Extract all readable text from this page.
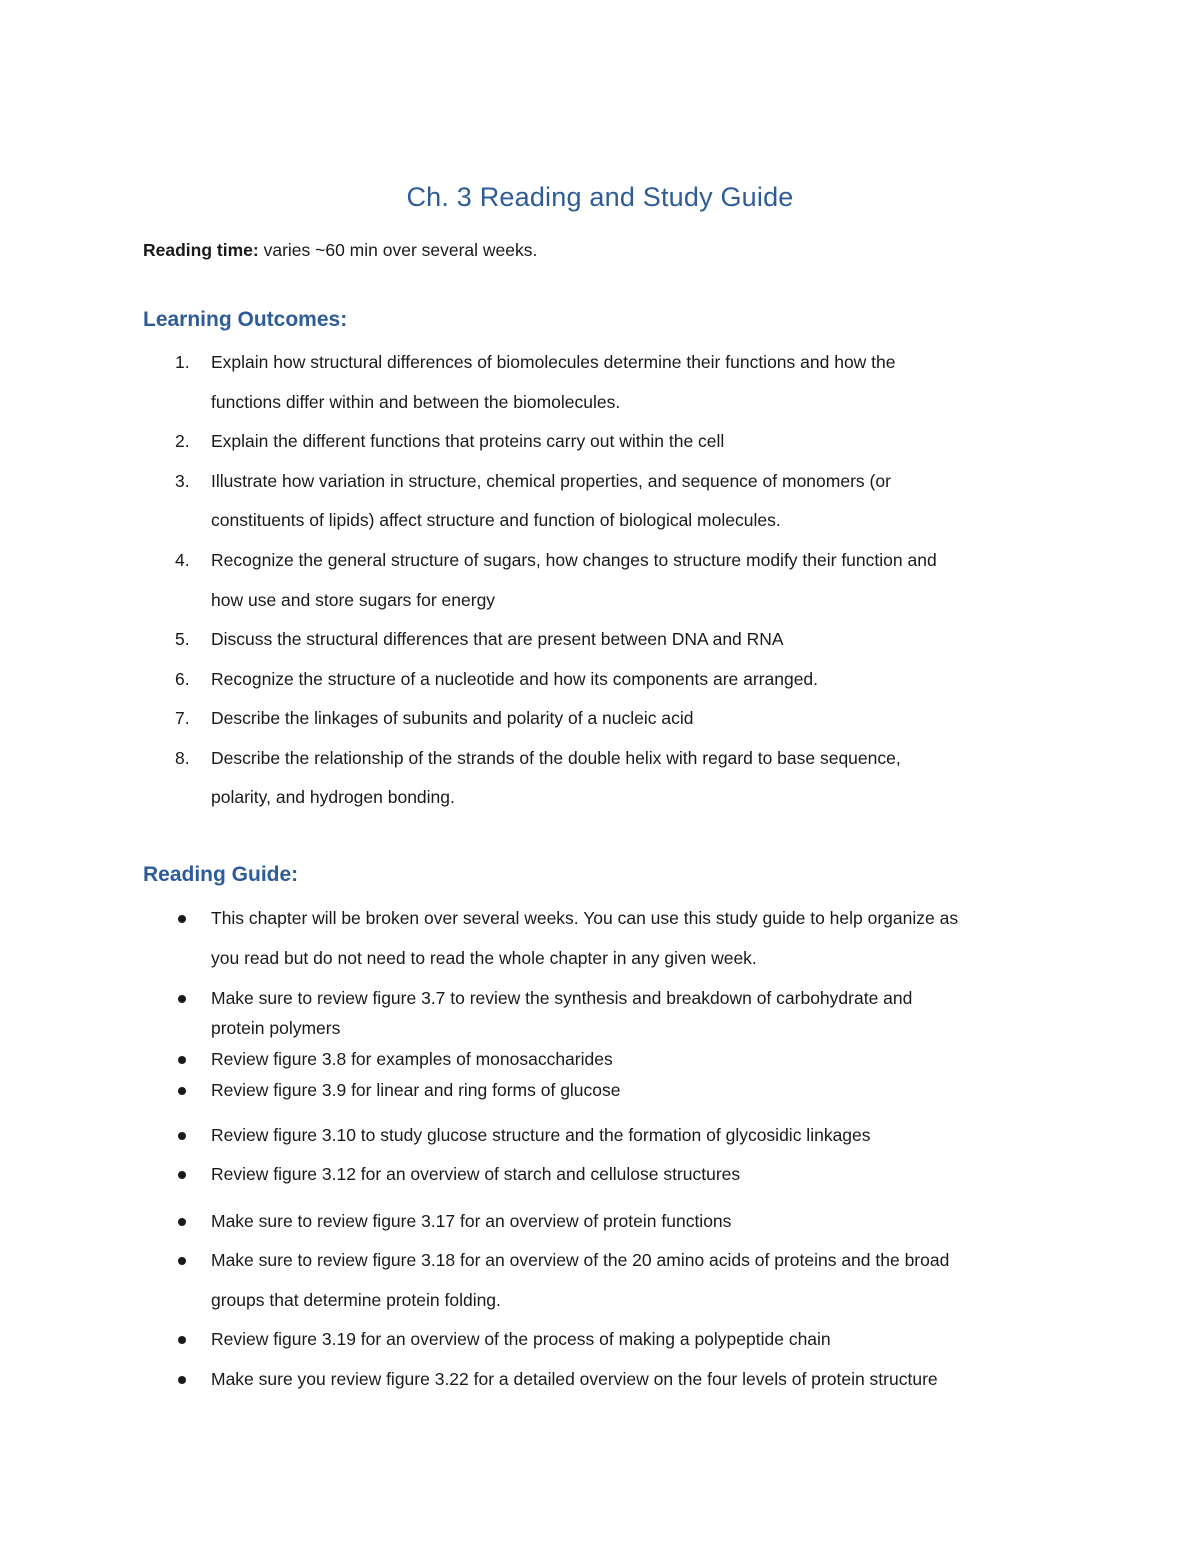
Ch. 3 Reading and Study Guide

Reading time: varies ~60 min over several weeks.

Learning Outcomes:
1. Explain how structural differences of biomolecules determine their functions and how the
functions differ within and between the biomolecules.
2. Explain the different functions that proteins carry out within the cell
3. Illustrate how variation in structure, chemical properties, and sequence of monomers (or
constituents of lipids) affect structure and function of biological molecules.
4. Recognize the general structure of sugars, how changes to structure modify their function and
how use and store sugars for energy
5. Discuss the structural differences that are present between DNA and RNA
6. Recognize the structure of a nucleotide and how its components are arranged.
7. Describe the linkages of subunits and polarity of a nucleic acid
8. Describe the relationship of the strands of the double helix with regard to base sequence,
polarity, and hydrogen bonding.
Reading Guide:
This chapter will be broken over several weeks. You can use this study guide to help organize as
you read but do not need to read the whole chapter in any given week.
Make sure to review figure 3.7 to review the synthesis and breakdown of carbohydrate and
protein polymers
Review figure 3.8 for examples of monosaccharides
Review figure 3.9 for linear and ring forms of glucose
Review figure 3.10 to study glucose structure and the formation of glycosidic linkages
Review figure 3.12 for an overview of starch and cellulose structures
Make sure to review figure 3.17 for an overview of protein functions
Make sure to review figure 3.18 for an overview of the 20 amino acids of proteins and the broad
groups that determine protein folding.
Review figure 3.19 for an overview of the process of making a polypeptide chain
Make sure you review figure 3.22 for a detailed overview on the four levels of protein structure
